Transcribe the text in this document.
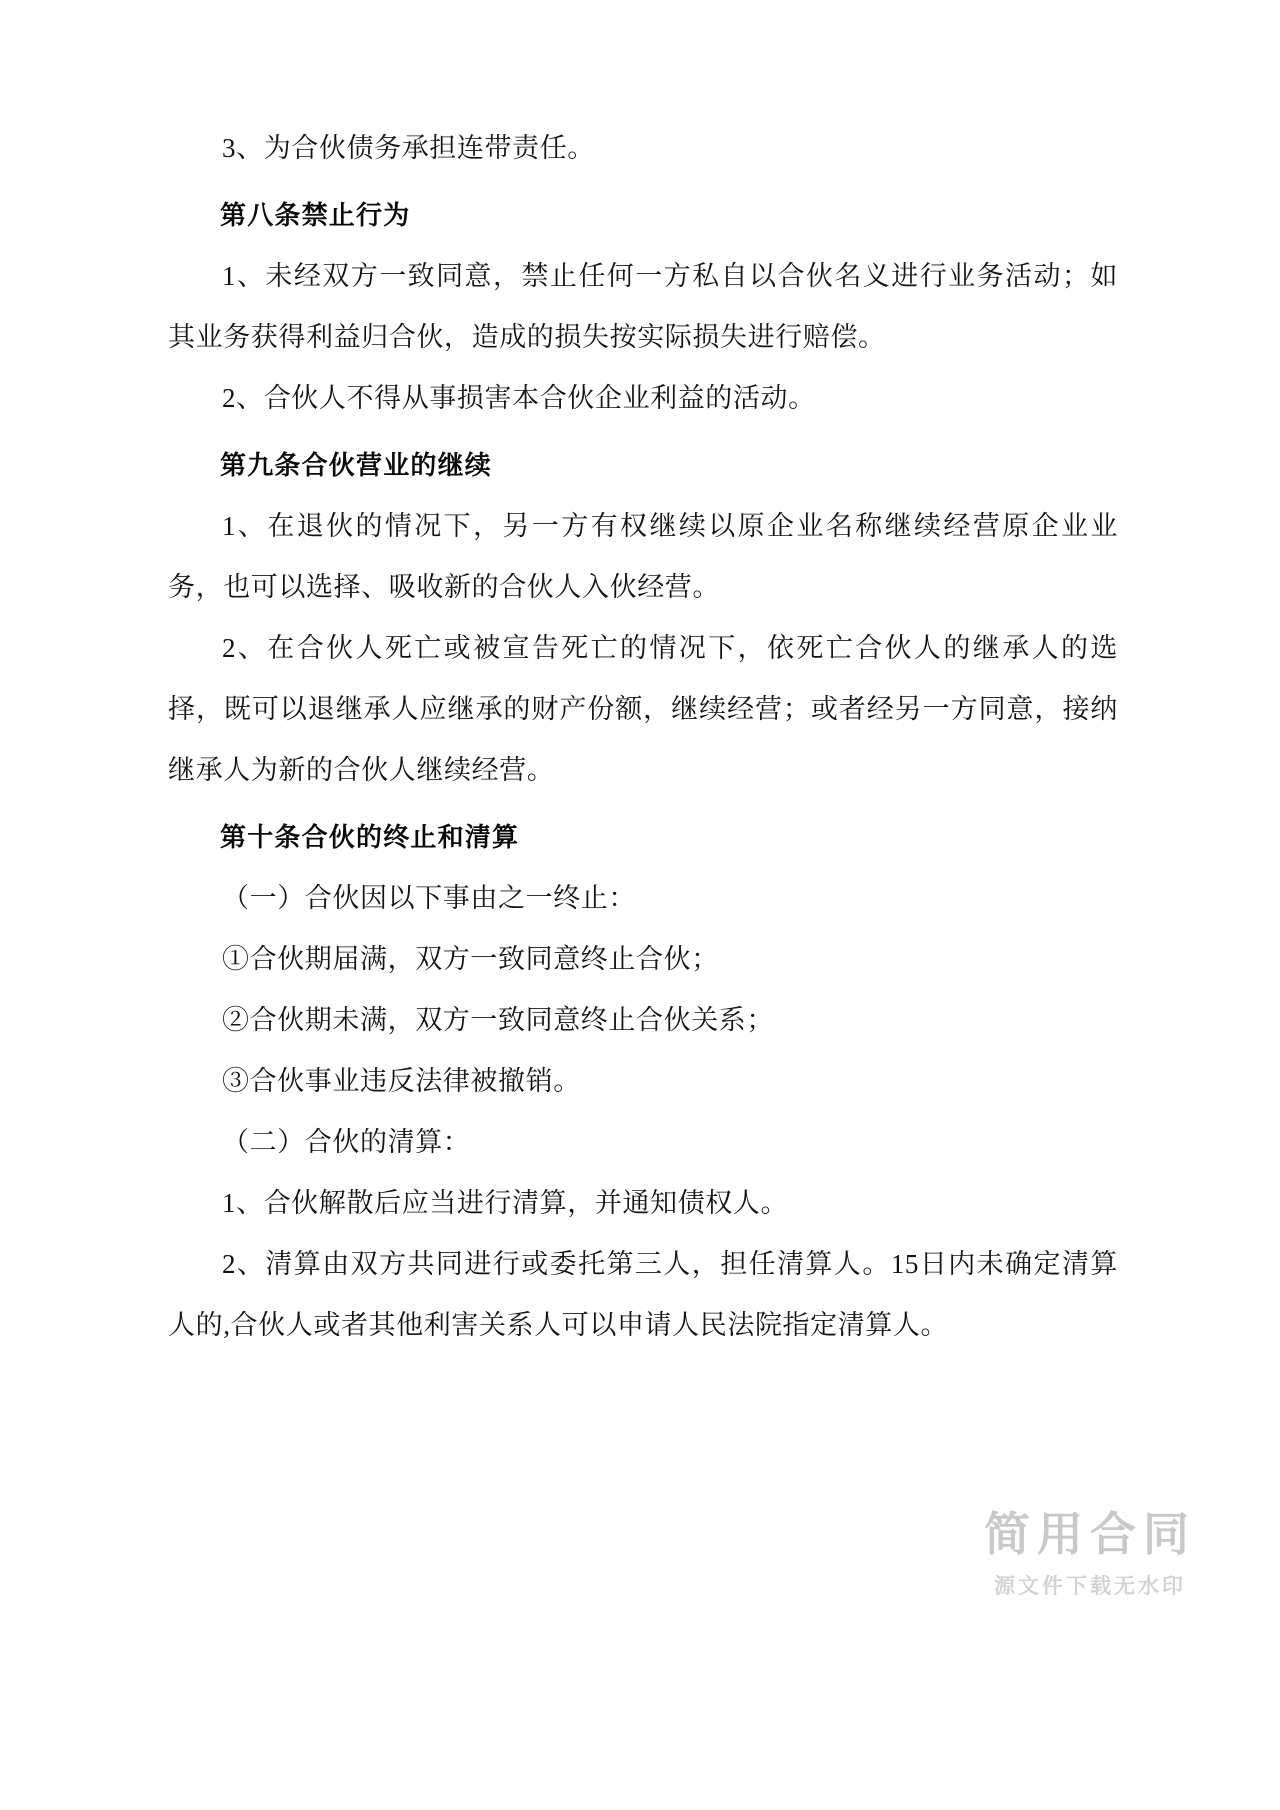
3、为合伙债务承担连带责任。

第八条禁止行为

1、未经双方一致同意，禁止任何一方私自以合伙名义进行业务活动；如其业务获得利益归合伙，造成的损失按实际损失进行赔偿。

2、合伙人不得从事损害本合伙企业利益的活动。

第九条合伙营业的继续

1、在退伙的情况下，另一方有权继续以原企业名称继续经营原企业业务，也可以选择、吸收新的合伙人入伙经营。

2、在合伙人死亡或被宣告死亡的情况下，依死亡合伙人的继承人的选择，既可以退继承人应继承的财产份额，继续经营；或者经另一方同意，接纳继承人为新的合伙人继续经营。

第十条合伙的终止和清算

（一）合伙因以下事由之一终止：

①合伙期届满，双方一致同意终止合伙；

②合伙期未满，双方一致同意终止合伙关系；

③合伙事业违反法律被撤销。

（二）合伙的清算：

1、合伙解散后应当进行清算，并通知债权人。

2、清算由双方共同进行或委托第三人，担任清算人。15日内未确定清算人的,合伙人或者其他利害关系人可以申请人民法院指定清算人。

简用合同
源文件下载无水印
